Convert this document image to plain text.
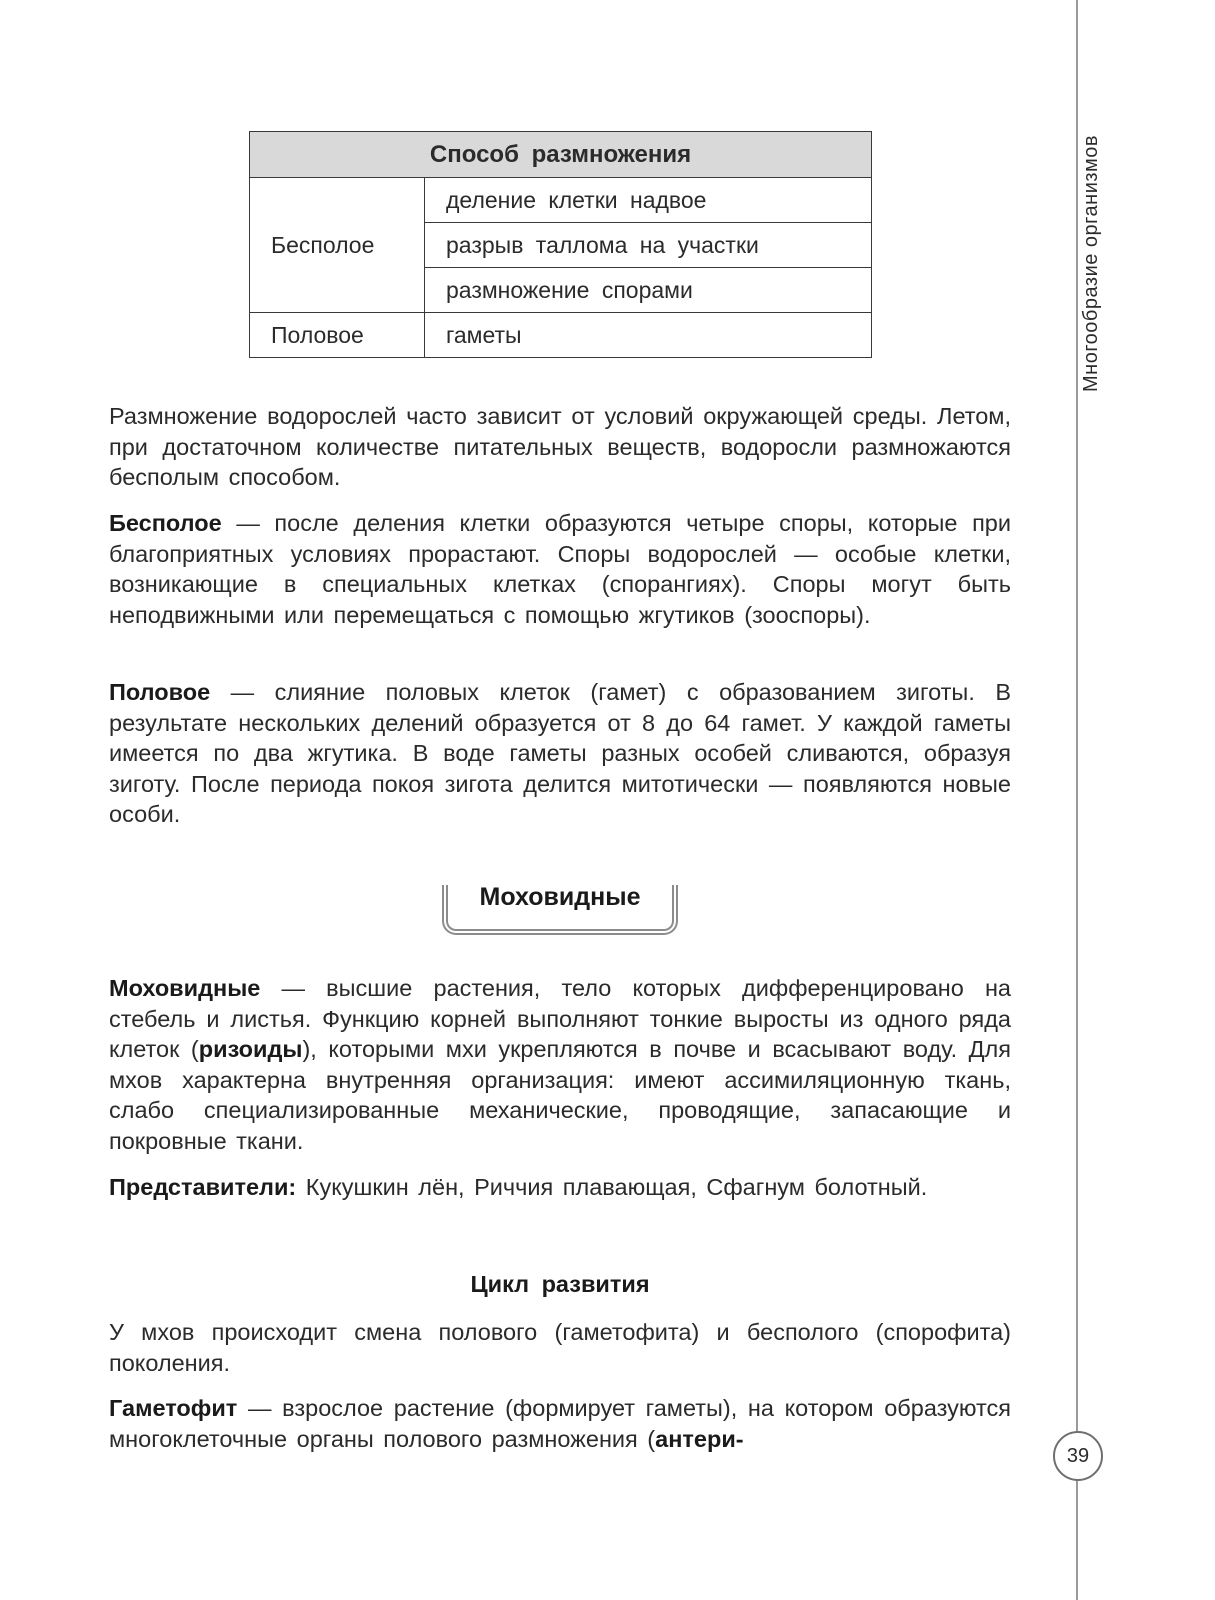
Многообразие организмов
39
Способ размножения	
Бесполое	деление клетки надвое
	разрыв таллома на участки
	размножение спорами
Половое	гаметы
Размножение водорослей часто зависит от условий окружающей среды. Летом, при достаточном количестве питательных веществ, водоросли размножаются бесполым способом.
Бесполое — после деления клетки образуются четыре споры, которые при благоприятных условиях прорастают. Споры водорослей — особые клетки, возникающие в специальных клетках (спорангиях). Споры могут быть неподвижными или перемещаться с помощью жгутиков (зооспоры).
Половое — слияние половых клеток (гамет) с образованием зиготы. В результате нескольких делений образуется от 8 до 64 гамет. У каждой гаметы имеется по два жгутика. В воде гаметы разных особей сливаются, образуя зиготу. После периода покоя зигота делится митотически — появляются новые особи.
Моховидные
Моховидные — высшие растения, тело которых дифференцировано на стебель и листья. Функцию корней выполняют тонкие выросты из одного ряда клеток (ризоиды), которыми мхи укрепляются в почве и всасывают воду. Для мхов характерна внутренняя организация: имеют ассимиляционную ткань, слабо специализированные механические, проводящие, запасающие и покровные ткани.
Представители: Кукушкин лён, Риччия плавающая, Сфагнум болотный.
Цикл развития
У мхов происходит смена полового (гаметофита) и бесполого (спорофита) поколения.
Гаметофит — взрослое растение (формирует гаметы), на котором образуются многоклеточные органы полового размножения (антери-
